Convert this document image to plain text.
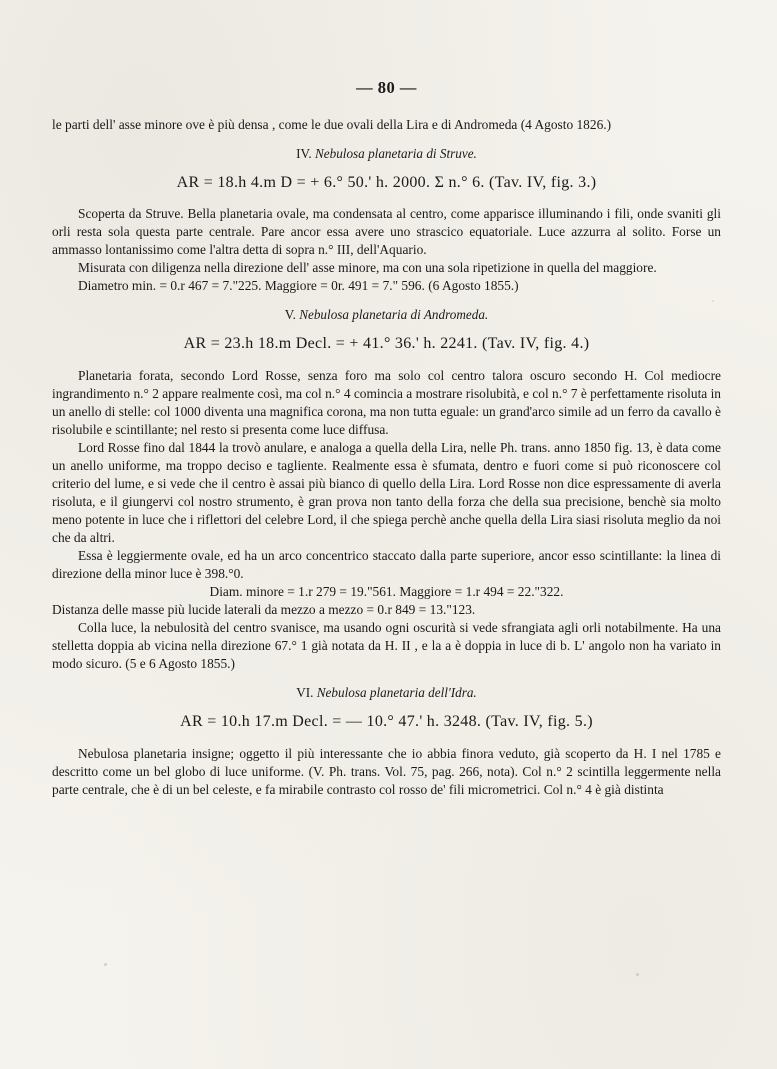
— 80 —

le parti dell' asse minore ove è più densa , come le due ovali della Lira e di Andromeda (4 Agosto 1826.)

IV. Nebulosa planetaria di Struve.
AR = 18.h 4.m D = + 6.° 50.' h. 2000. Σ n.° 6. (Tav. IV, fig. 3.)

Scoperta da Struve. Bella planetaria ovale, ma condensata al centro, come apparisce illuminando i fili, onde svaniti gli orli resta sola questa parte centrale. Pare ancor essa avere uno strascico equatoriale. Luce azzurra al solito. Forse un ammasso lontanissimo come l'altra detta di sopra n.° III, dell'Aquario.

Misurata con diligenza nella direzione dell' asse minore, ma con una sola ripetizione in quella del maggiore.

Diametro min. = 0.r 467 = 7."225. Maggiore = 0r. 491 = 7." 596. (6 Agosto 1855.)

V. Nebulosa planetaria di Andromeda.
AR = 23.h 18.m Decl. = + 41.° 36.' h. 2241. (Tav. IV, fig. 4.)

Planetaria forata, secondo Lord Rosse, senza foro ma solo col centro talora oscuro secondo H. Col mediocre ingrandimento n.° 2 appare realmente così, ma col n.° 4 comincia a mostrare risolubità, e col n.° 7 è perfettamente risoluta in un anello di stelle: col 1000 diventa una magnifica corona, ma non tutta eguale: un grand'arco simile ad un ferro da cavallo è risolubile e scintillante; nel resto si presenta come luce diffusa.

Lord Rosse fino dal 1844 la trovò anulare, e analoga a quella della Lira, nelle Ph. trans. anno 1850 fig. 13, è data come un anello uniforme, ma troppo deciso e tagliente. Realmente essa è sfumata, dentro e fuori come si può riconoscere col criterio del lume, e si vede che il centro è assai più bianco di quello della Lira. Lord Rosse non dice espressamente di averla risoluta, e il giungervi col nostro strumento, è gran prova non tanto della forza che della sua precisione, benchè sia molto meno potente in luce che i riflettori del celebre Lord, il che spiega perchè anche quella della Lira siasi risoluta meglio da noi che da altri.

Essa è leggiermente ovale, ed ha un arco concentrico staccato dalla parte superiore, ancor esso scintillante: la linea di direzione della minor luce è 398.°0.

Diam. minore = 1.r 279 = 19."561. Maggiore = 1.r 494 = 22."322.

Distanza delle masse più lucide laterali da mezzo a mezzo = 0.r 849 = 13."123.

Colla luce, la nebulosità del centro svanisce, ma usando ogni oscurità si vede sfrangiata agli orli notabilmente. Ha una stelletta doppia ab vicina nella direzione 67.° 1 già notata da H. II , e la a è doppia in luce di b. L' angolo non ha variato in modo sicuro. (5 e 6 Agosto 1855.)

VI. Nebulosa planetaria dell'Idra.
AR = 10.h 17.m Decl. = — 10.° 47.' h. 3248. (Tav. IV, fig. 5.)

Nebulosa planetaria insigne; oggetto il più interessante che io abbia finora veduto, già scoperto da H. I nel 1785 e descritto come un bel globo di luce uniforme. (V. Ph. trans. Vol. 75, pag. 266, nota). Col n.° 2 scintilla leggermente nella parte centrale, che è di un bel celeste, e fa mirabile contrasto col rosso de' fili micrometrici. Col n.° 4 è già distinta
